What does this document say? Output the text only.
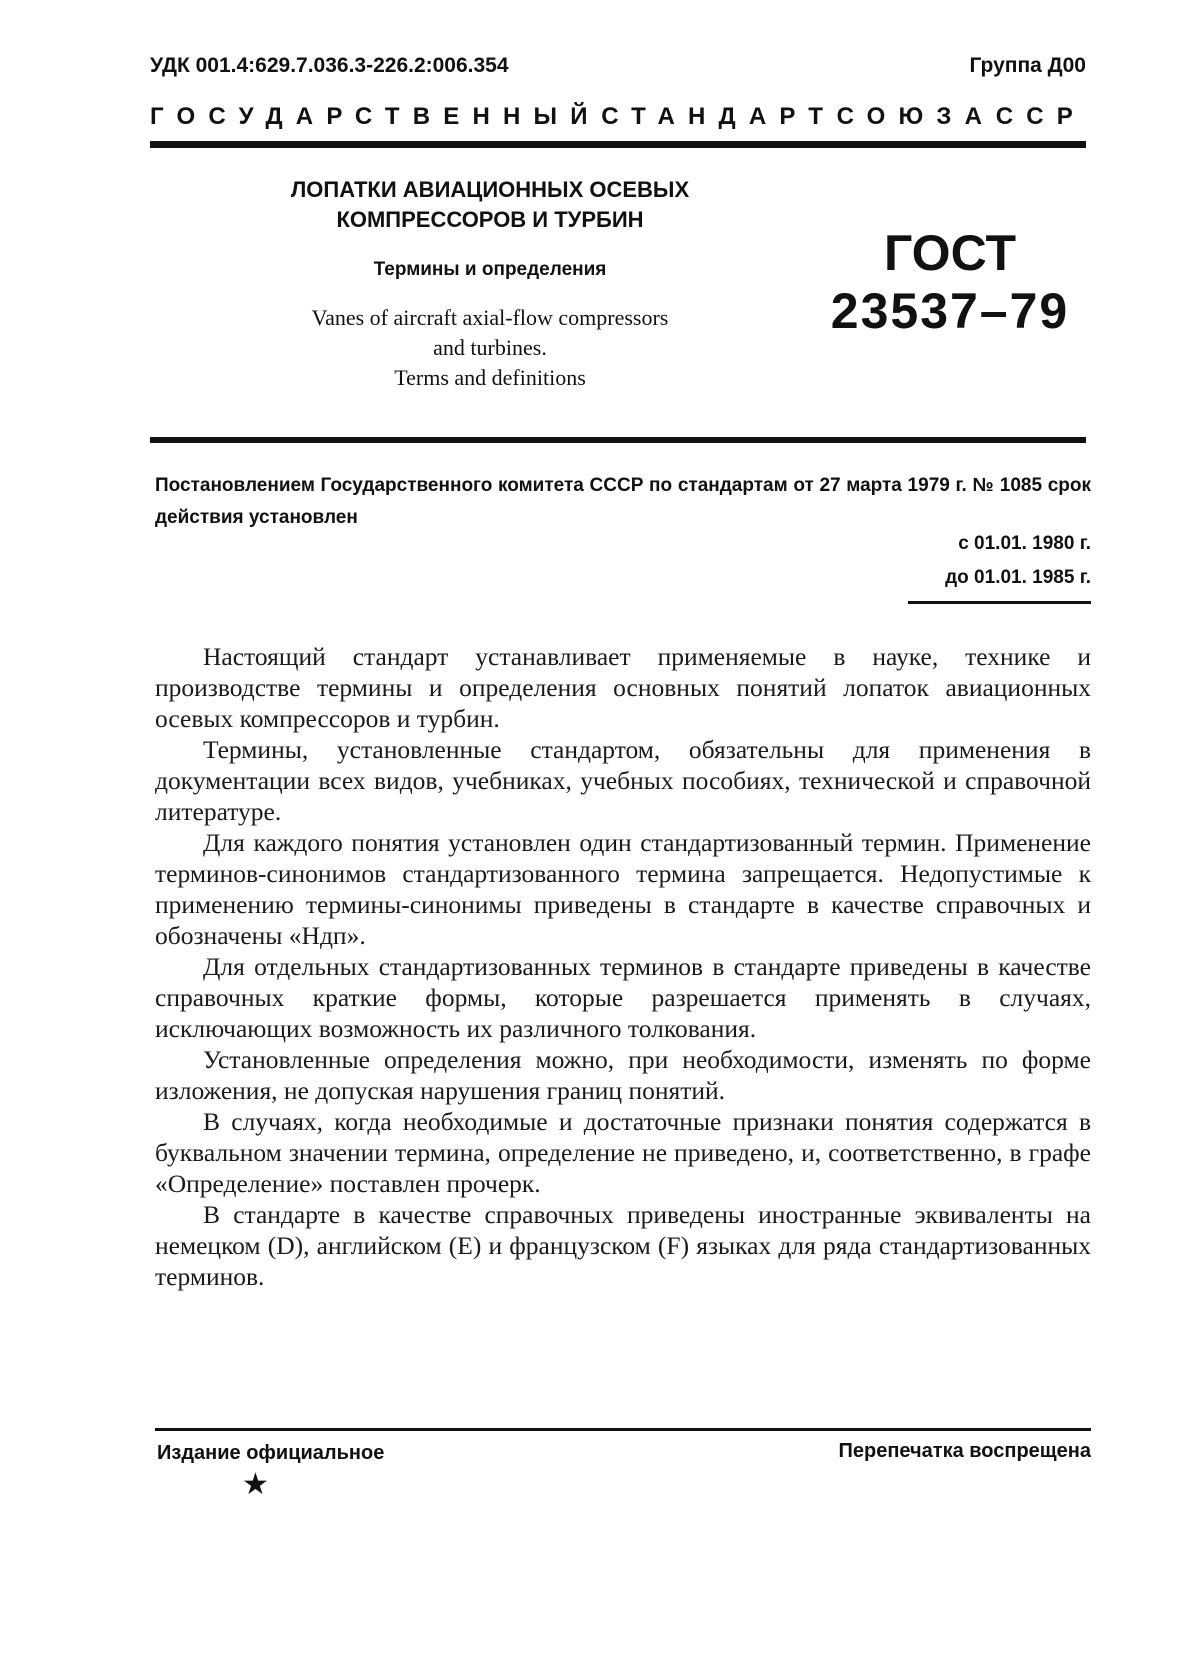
УДК 001.4:629.7.036.3-226.2:006.354	Группа Д00
ГОСУДАРСТВЕННЫЙ СТАНДАРТ СОЮЗА ССР
ЛОПАТКИ АВИАЦИОННЫХ ОСЕВЫХ
КОМПРЕССОРОВ И ТУРБИН
Термины и определения
Vanes of aircraft axial-flow compressors
and turbines.
Terms and definitions
ГОСТ
23537–79
Постановлением Государственного комитета СССР по стандартам от 27 марта 1979 г. № 1085 срок действия установлен
с 01.01. 1980 г.
до 01.01. 1985 г.

Настоящий стандарт устанавливает применяемые в науке, технике и производстве термины и определения основных понятий лопаток авиационных осевых компрессоров и турбин.

Термины, установленные стандартом, обязательны для применения в документации всех видов, учебниках, учебных пособиях, технической и справочной литературе.

Для каждого понятия установлен один стандартизованный термин. Применение терминов-синонимов стандартизованного термина запрещается. Недопустимые к применению термины-синонимы приведены в стандарте в качестве справочных и обозначены «Ндп».

Для отдельных стандартизованных терминов в стандарте приведены в качестве справочных краткие формы, которые разрешается применять в случаях, исключающих возможность их различного толкования.

Установленные определения можно, при необходимости, изменять по форме изложения, не допуская нарушения границ понятий.

В случаях, когда необходимые и достаточные признаки понятия содержатся в буквальном значении термина, определение не приведено, и, соответственно, в графе «Определение» поставлен прочерк.

В стандарте в качестве справочных приведены иностранные эквиваленты на немецком (D), английском (E) и французском (F) языках для ряда стандартизованных терминов.

Издание официальное	Перепечатка воспрещена
★
